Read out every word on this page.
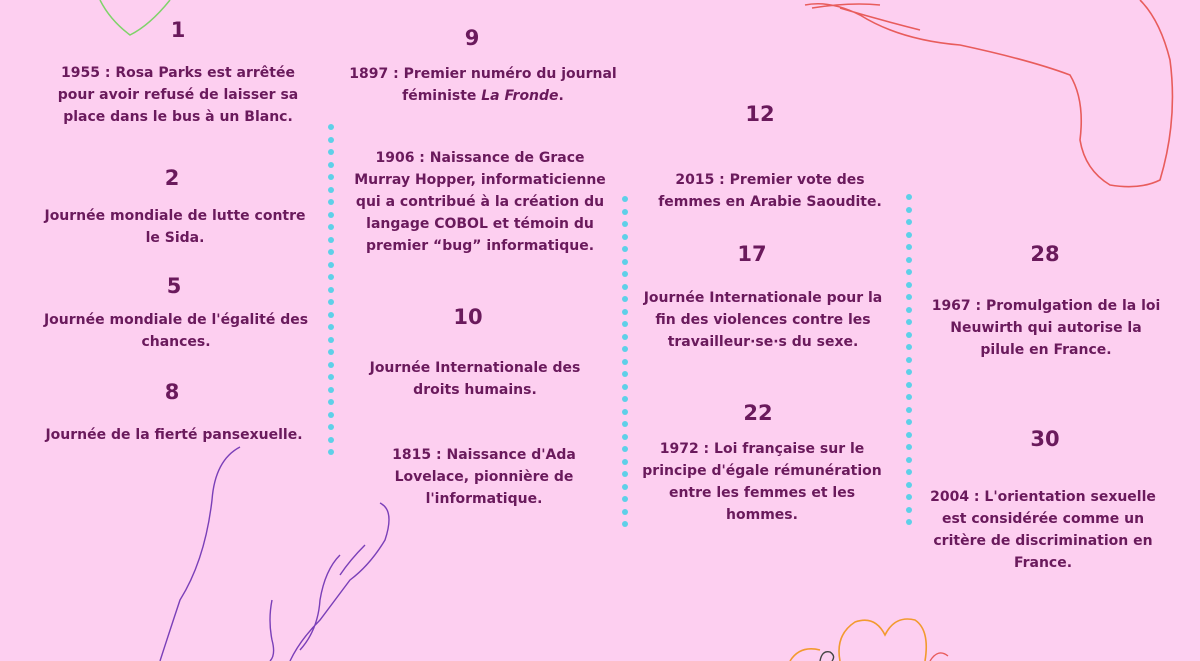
1
1955 : Rosa Parks est arrêtée pour avoir refusé de laisser sa place dans le bus à un Blanc.
2
Journée mondiale de lutte contre le Sida.
5
Journée mondiale de l'égalité des chances.
8
Journée de la fierté pansexuelle.
9
1897 : Premier numéro du journal féministe La Fronde.
1906 : Naissance de Grace Murray Hopper, informaticienne qui a contribué à la création du langage COBOL et témoin du premier “bug” informatique.
10
Journée Internationale des droits humains.
1815 : Naissance d'Ada Lovelace, pionnière de l'informatique.
12
2015 : Premier vote des femmes en Arabie Saoudite.
17
Journée Internationale pour la fin des violences contre les travailleur·se·s du sexe.
22
1972 : Loi française sur le principe d'égale rémunération entre les femmes et les hommes.
28
1967 : Promulgation de la loi Neuwirth qui autorise la pilule en France.
30
2004 : L'orientation sexuelle est considérée comme un critère de discrimination en France.
